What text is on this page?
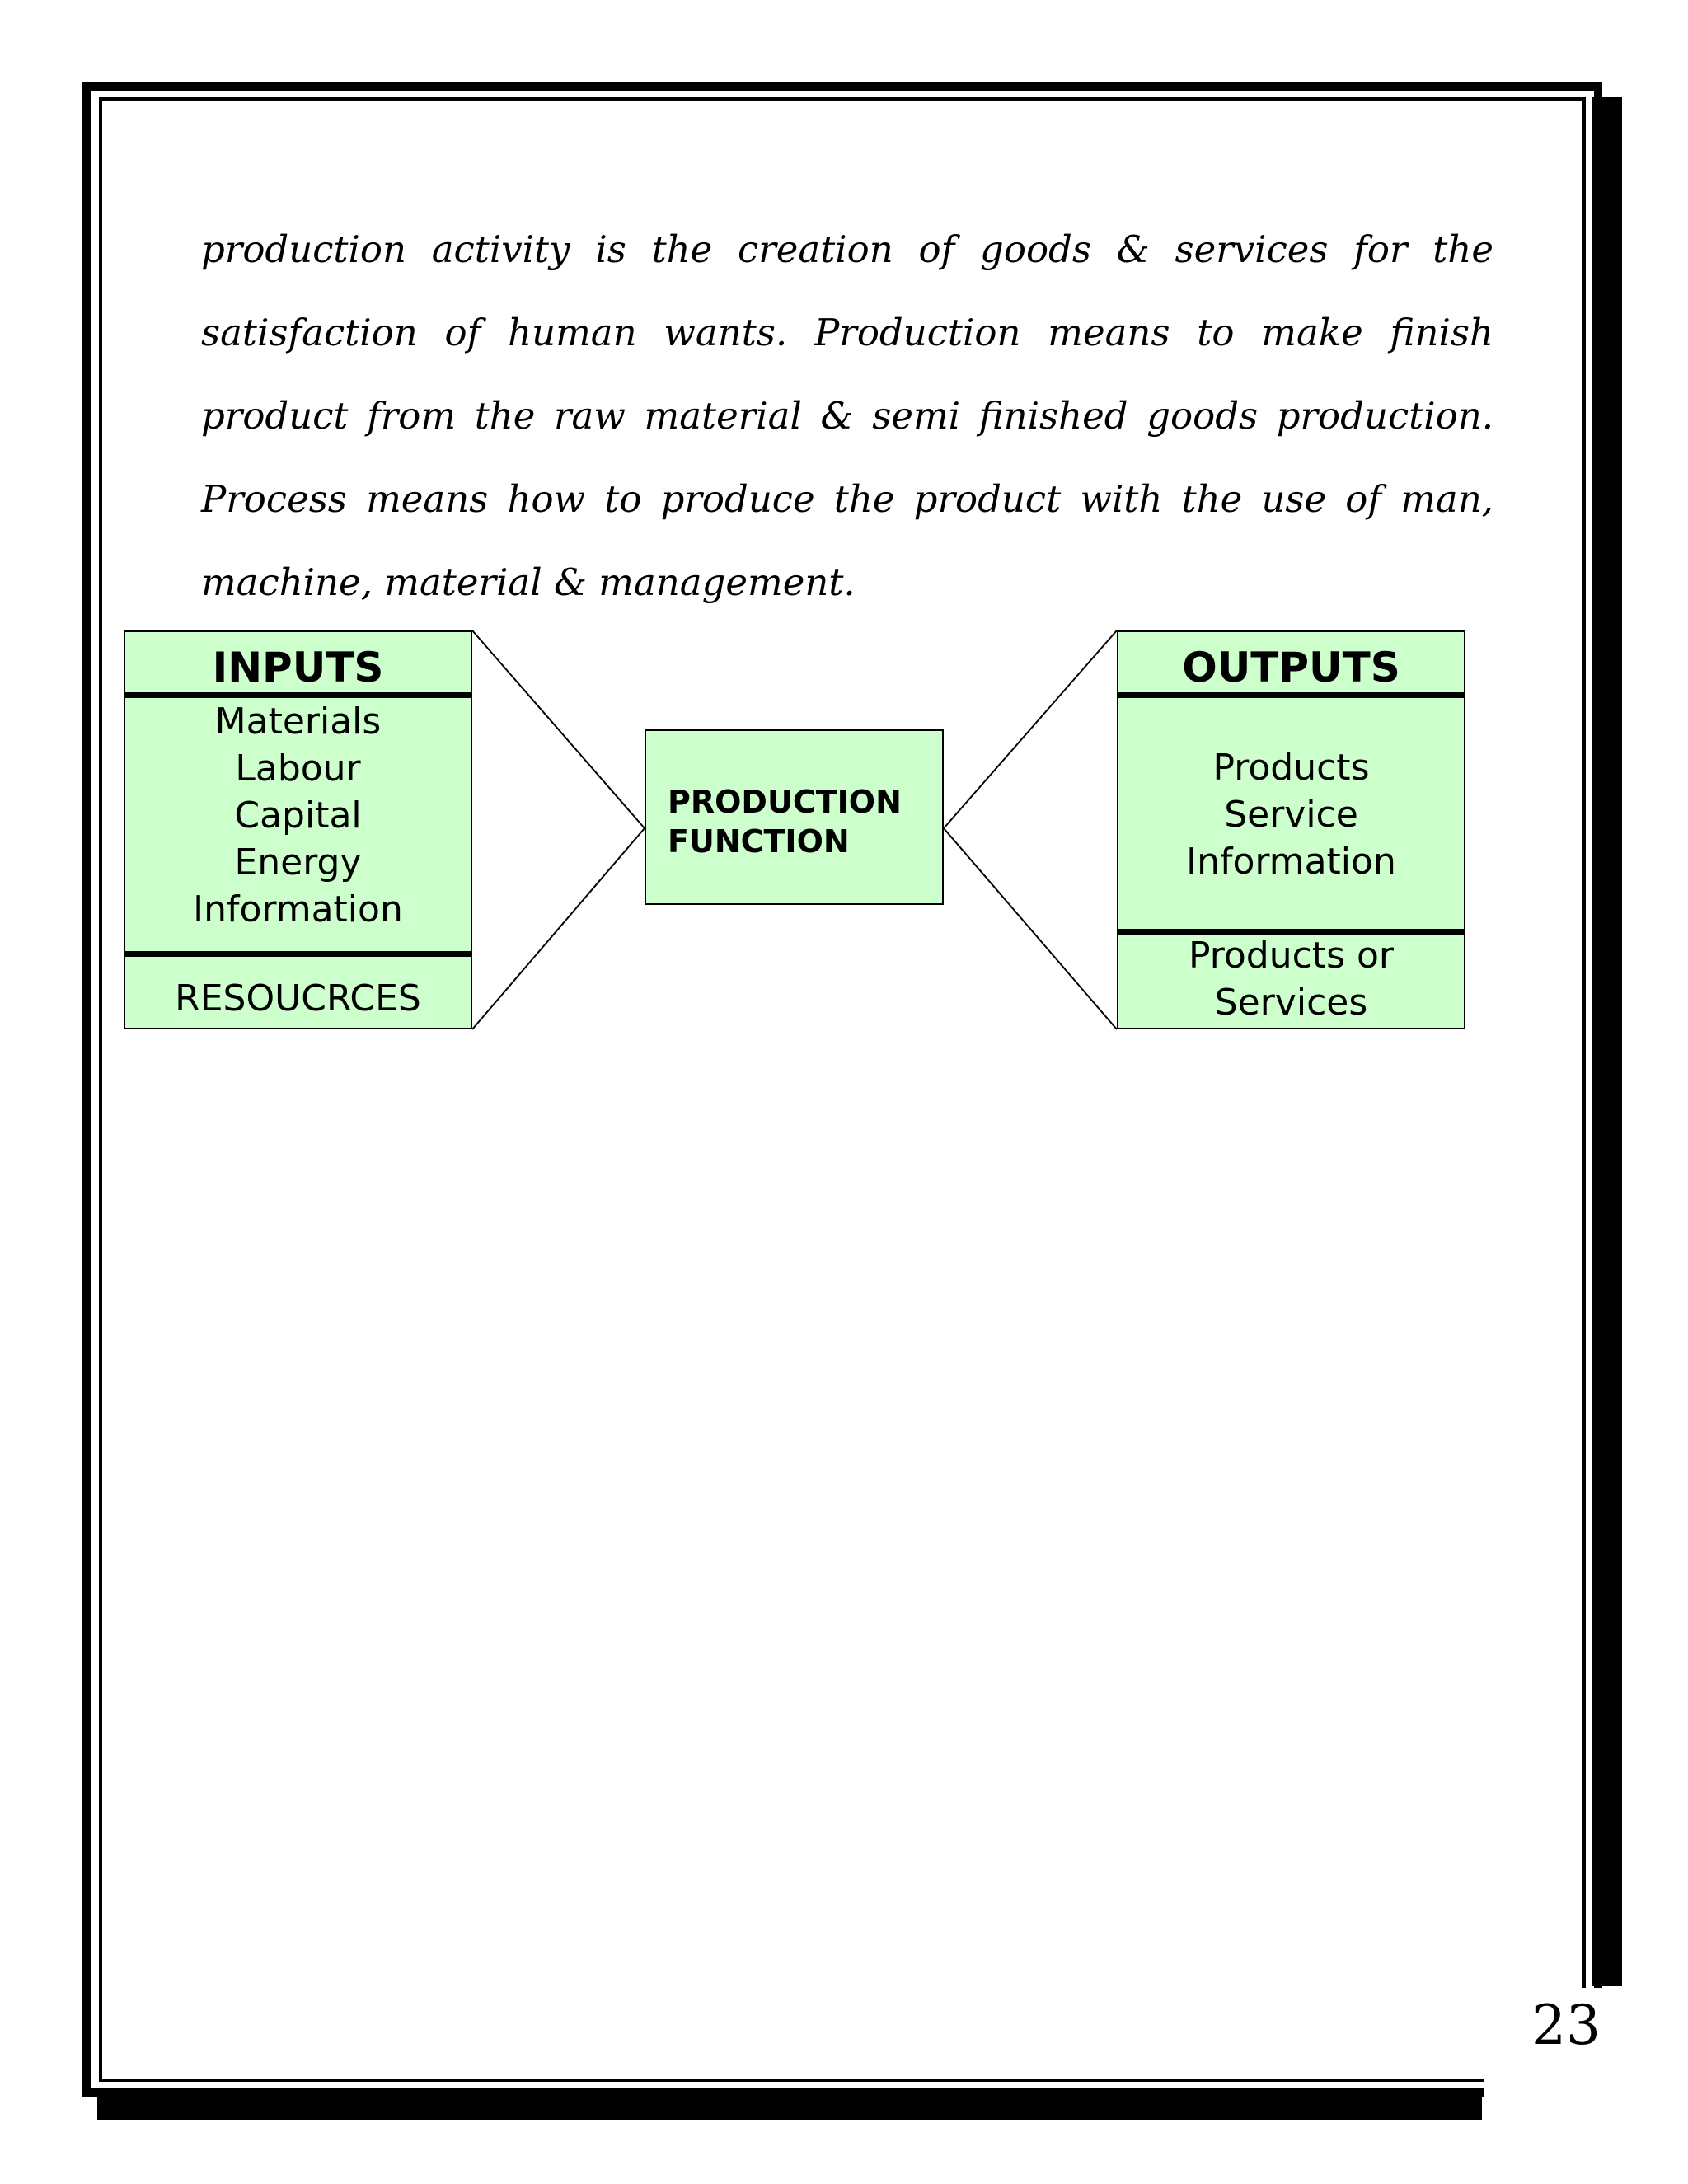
23

production activity is the creation of goods & services for the satisfaction of human wants. Production means to make finish product from the raw material & semi finished goods production. Process means how to produce the product with the use of man, machine, material & management.

INPUTS
Materials
Labour
Capital
Energy
Information
RESOUCRCES
PRODUCTION
FUNCTION
OUTPUTS
Products
Service
Information
Products or
Services
